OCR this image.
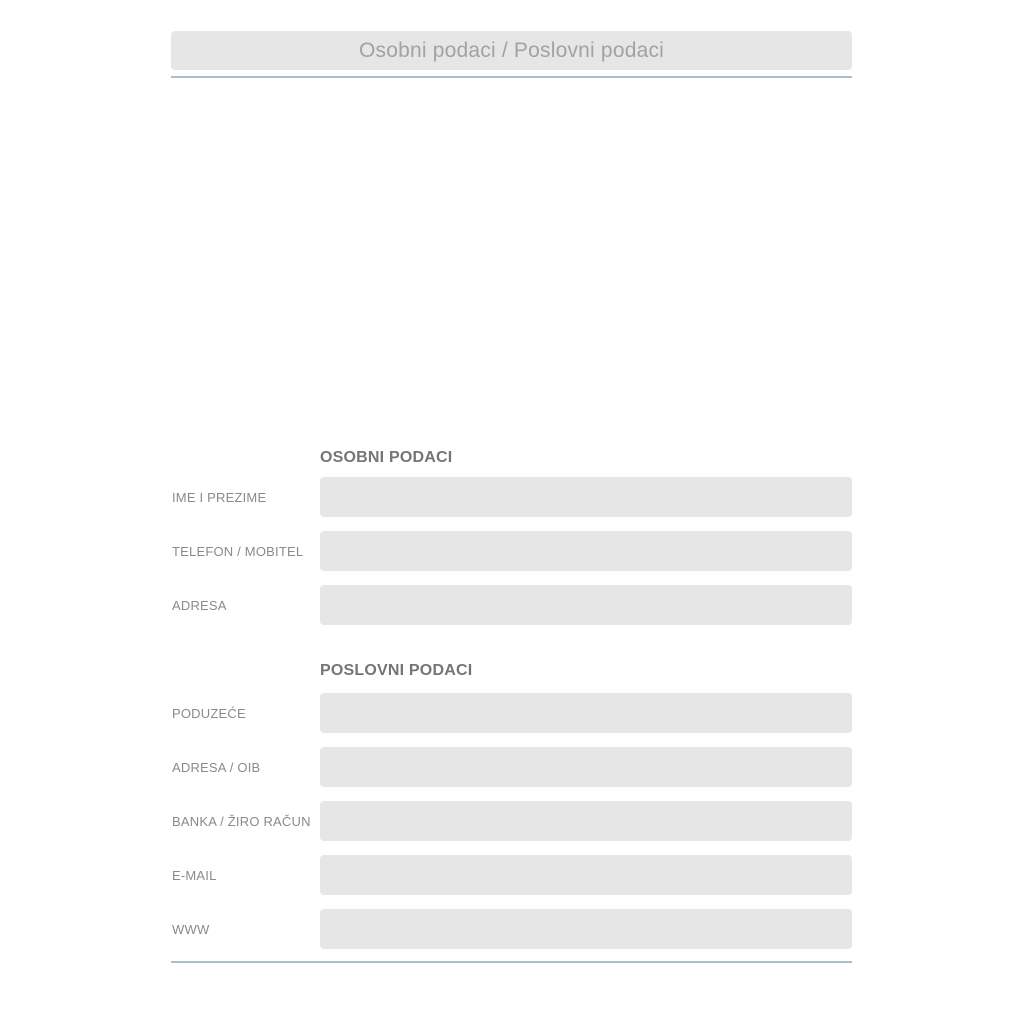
Osobni podaci / Poslovni podaci
OSOBNI PODACI
IME I PREZIME
TELEFON / MOBITEL
ADRESA
POSLOVNI PODACI
PODUZEĆE
ADRESA / OIB
BANKA / ŽIRO RAČUN
E-MAIL
WWW
